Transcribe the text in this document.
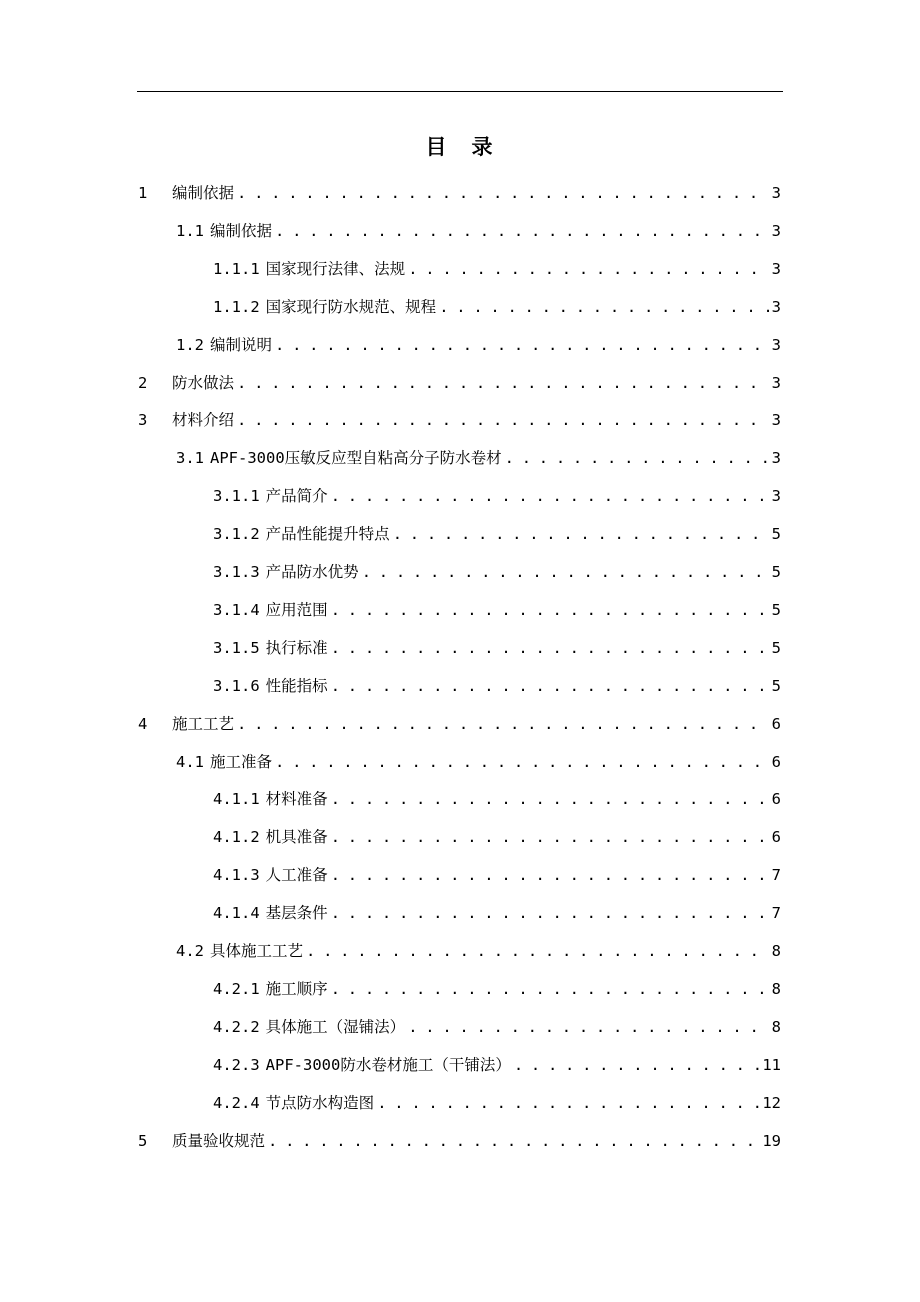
目　录
1	编制依据 . . .	3
1.1 编制依据 . . .	3
1.1.1 国家现行法律、法规 . . .	3
1.1.2 国家现行防水规范、规程 . . .	3
1.2 编制说明 . . .	3
2	防水做法 . . .	3
3	材料介绍 . . .	3
3.1 APF-3000压敏反应型自粘高分子防水卷材 . . .	3
3.1.1 产品简介 . . .	3
3.1.2 产品性能提升特点 . . .	5
3.1.3 产品防水优势 . . .	5
3.1.4 应用范围 . . .	5
3.1.5 执行标准 . . .	5
3.1.6 性能指标 . . .	5
4	施工工艺 . . .	6
4.1 施工准备 . . .	6
4.1.1 材料准备 . . .	6
4.1.2 机具准备 . . .	6
4.1.3 人工准备 . . .	7
4.1.4 基层条件 . . .	7
4.2 具体施工工艺 . . .	8
4.2.1 施工顺序 . . .	8
4.2.2 具体施工（湿铺法） . . .	8
4.2.3 APF-3000防水卷材施工（干铺法） . . .	11
4.2.4 节点防水构造图 . . .	12
5	质量验收规范 . . .	19
